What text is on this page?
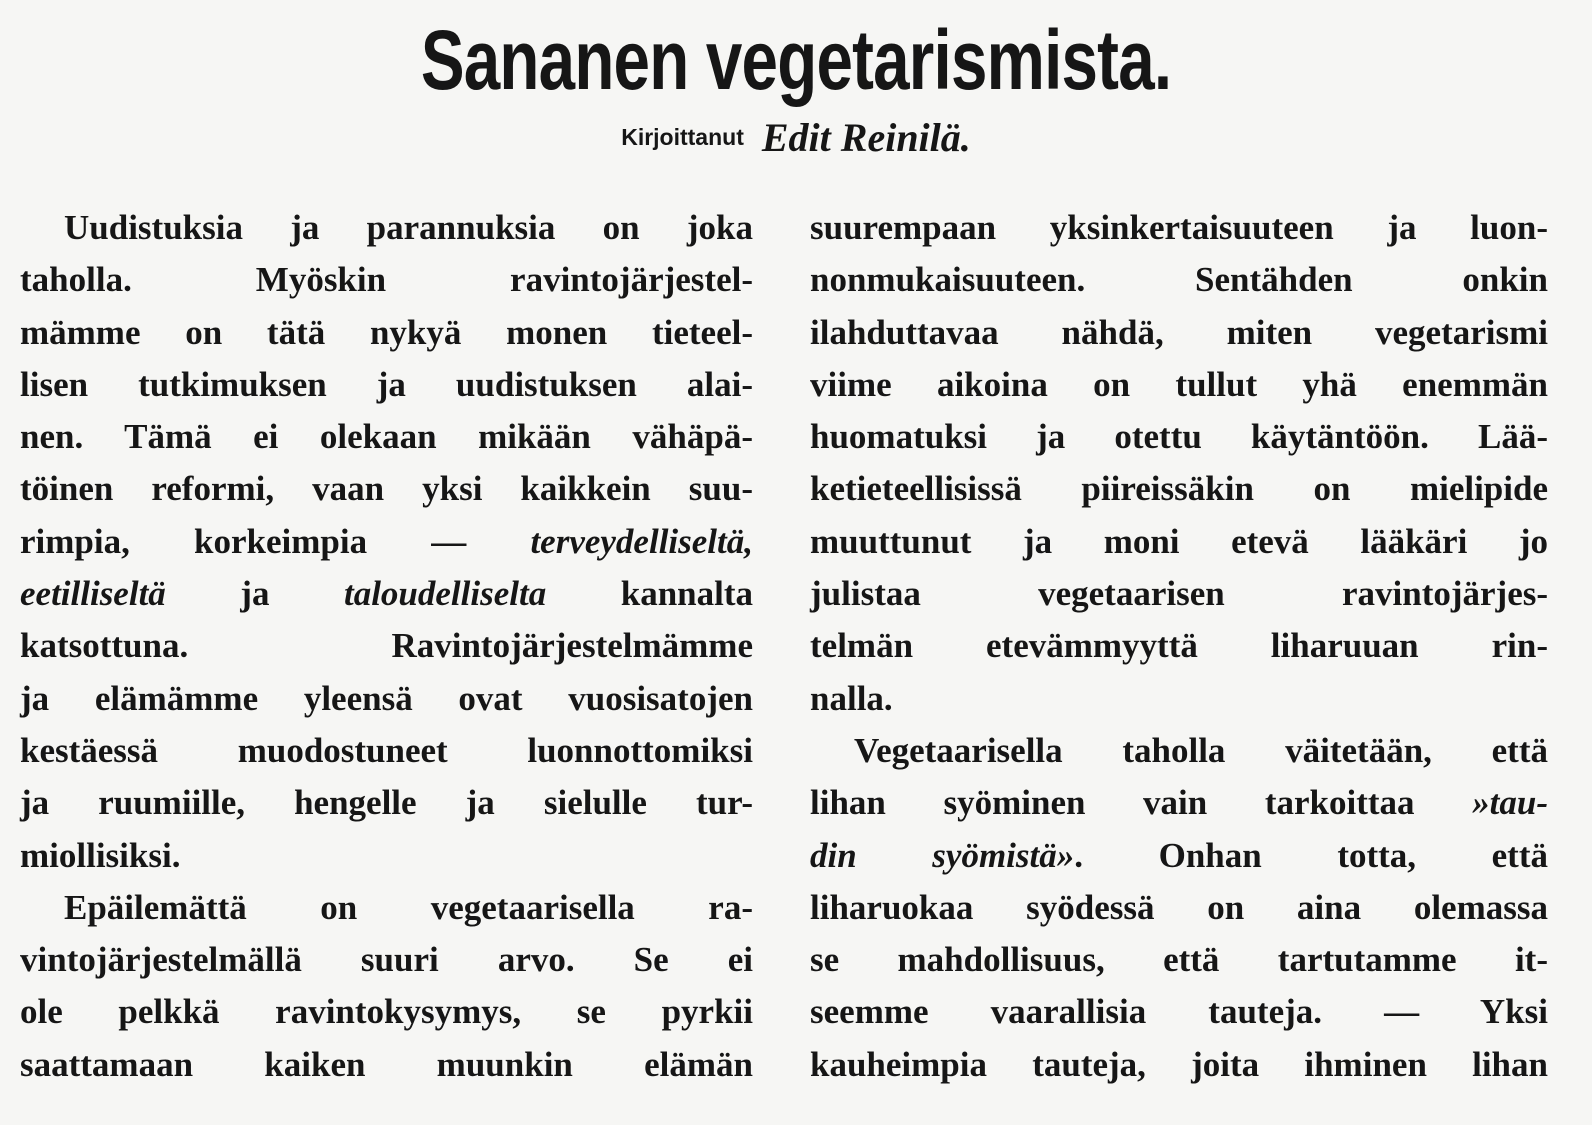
Sananen vegetarismista.
Kirjoittanut Edit Reinilä.
Uudistuksia ja parannuksia on joka
taholla. Myöskin ravintojärjestel-
mämme on tätä nykyä monen tieteel-
lisen tutkimuksen ja uudistuksen alai-
nen. Tämä ei olekaan mikään vähäpä-
töinen reformi, vaan yksi kaikkein suu-
rimpia, korkeimpia — terveydelliseltä,
eetilliseltä ja taloudelliselta kannalta
katsottuna. Ravintojärjestelmämme
ja elämämme yleensä ovat vuosisatojen
kestäessä muodostuneet luonnottomiksi
ja ruumiille, hengelle ja sielulle tur-
miollisiksi.
Epäilemättä on vegetaarisella ra-
vintojärjestelmällä suuri arvo. Se ei
ole pelkkä ravintokysymys, se pyrkii
saattamaan kaiken muunkin elämän
suurempaan yksinkertaisuuteen ja luon-
nonmukaisuuteen. Sentähden onkin
ilahduttavaa nähdä, miten vegetarismi
viime aikoina on tullut yhä enemmän
huomatuksi ja otettu käytäntöön. Lää-
ketieteellisissä piireissäkin on mielipide
muuttunut ja moni etevä lääkäri jo
julistaa vegetaarisen ravintojärjes-
telmän etevämmyyttä liharuuan rin-
nalla.
Vegetaarisella taholla väitetään, että
lihan syöminen vain tarkoittaa »tau-
din syömistä». Onhan totta, että
liharuokaa syödessä on aina olemassa
se mahdollisuus, että tartutamme it-
seemme vaarallisia tauteja. — Yksi
kauheimpia tauteja, joita ihminen lihan
